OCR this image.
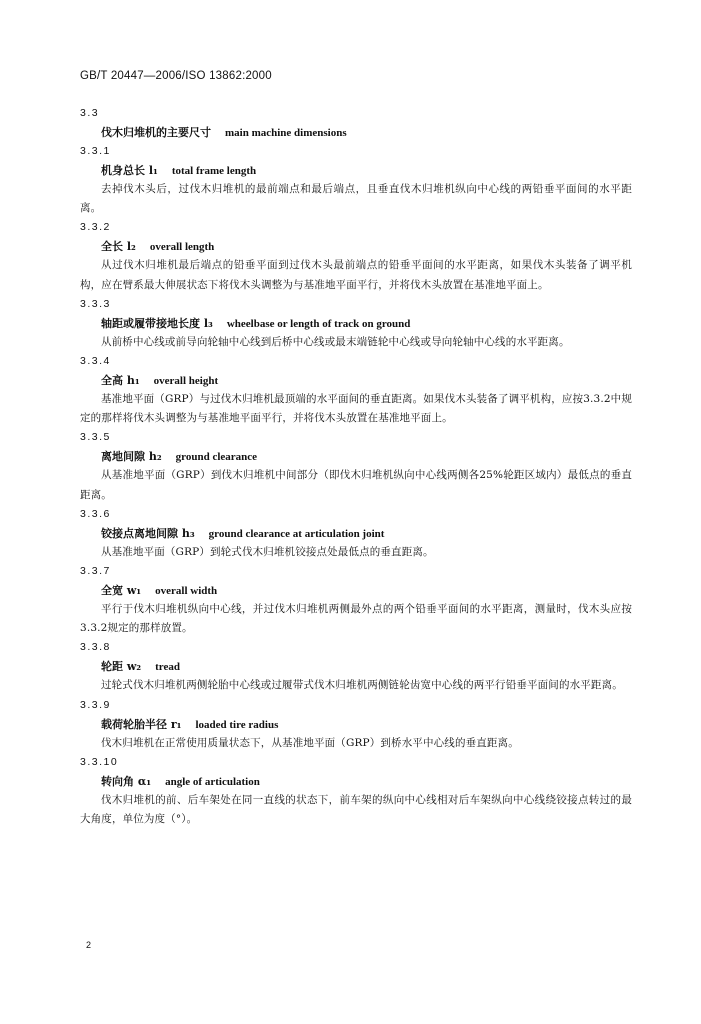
GB/T 20447—2006/ISO 13862:2000
3.3
伐木归堆机的主要尺寸 main machine dimensions
3.3.1
机身总长 l₁ total frame length
去掉伐木头后，过伐木归堆机的最前端点和最后端点，且垂直伐木归堆机纵向中心线的两铅垂平面间的水平距离。
3.3.2
全长 l₂ overall length
从过伐木归堆机最后端点的铅垂平面到过伐木头最前端点的铅垂平面间的水平距离，如果伐木头装备了调平机构，应在臂系最大伸展状态下将伐木头调整为与基准地平面平行，并将伐木头放置在基准地平面上。
3.3.3
轴距或履带接地长度 l₃ wheelbase or length of track on ground
从前桥中心线或前导向轮轴中心线到后桥中心线或最末端链轮中心线或导向轮轴中心线的水平距离。
3.3.4
全高 h₁ overall height
基准地平面（GRP）与过伐木归堆机最顶端的水平面间的垂直距离。如果伐木头装备了调平机构，应按3.3.2中规定的那样将伐木头调整为与基准地平面平行，并将伐木头放置在基准地平面上。
3.3.5
离地间隙 h₂ ground clearance
从基准地平面（GRP）到伐木归堆机中间部分（即伐木归堆机纵向中心线两侧各25%轮距区域内）最低点的垂直距离。
3.3.6
铰接点离地间隙 h₃ ground clearance at articulation joint
从基准地平面（GRP）到轮式伐木归堆机铰接点处最低点的垂直距离。
3.3.7
全宽 w₁ overall width
平行于伐木归堆机纵向中心线，并过伐木归堆机两侧最外点的两个铅垂平面间的水平距离，测量时，伐木头应按3.3.2规定的那样放置。
3.3.8
轮距 w₂ tread
过轮式伐木归堆机两侧轮胎中心线或过履带式伐木归堆机两侧链轮齿宽中心线的两平行铅垂平面间的水平距离。
3.3.9
载荷轮胎半径 r₁ loaded tire radius
伐木归堆机在正常使用质量状态下，从基准地平面（GRP）到桥水平中心线的垂直距离。
3.3.10
转向角 α₁ angle of articulation
伐木归堆机的前、后车架处在同一直线的状态下，前车架的纵向中心线相对后车架纵向中心线绕铰接点转过的最大角度，单位为度（°）。
2
